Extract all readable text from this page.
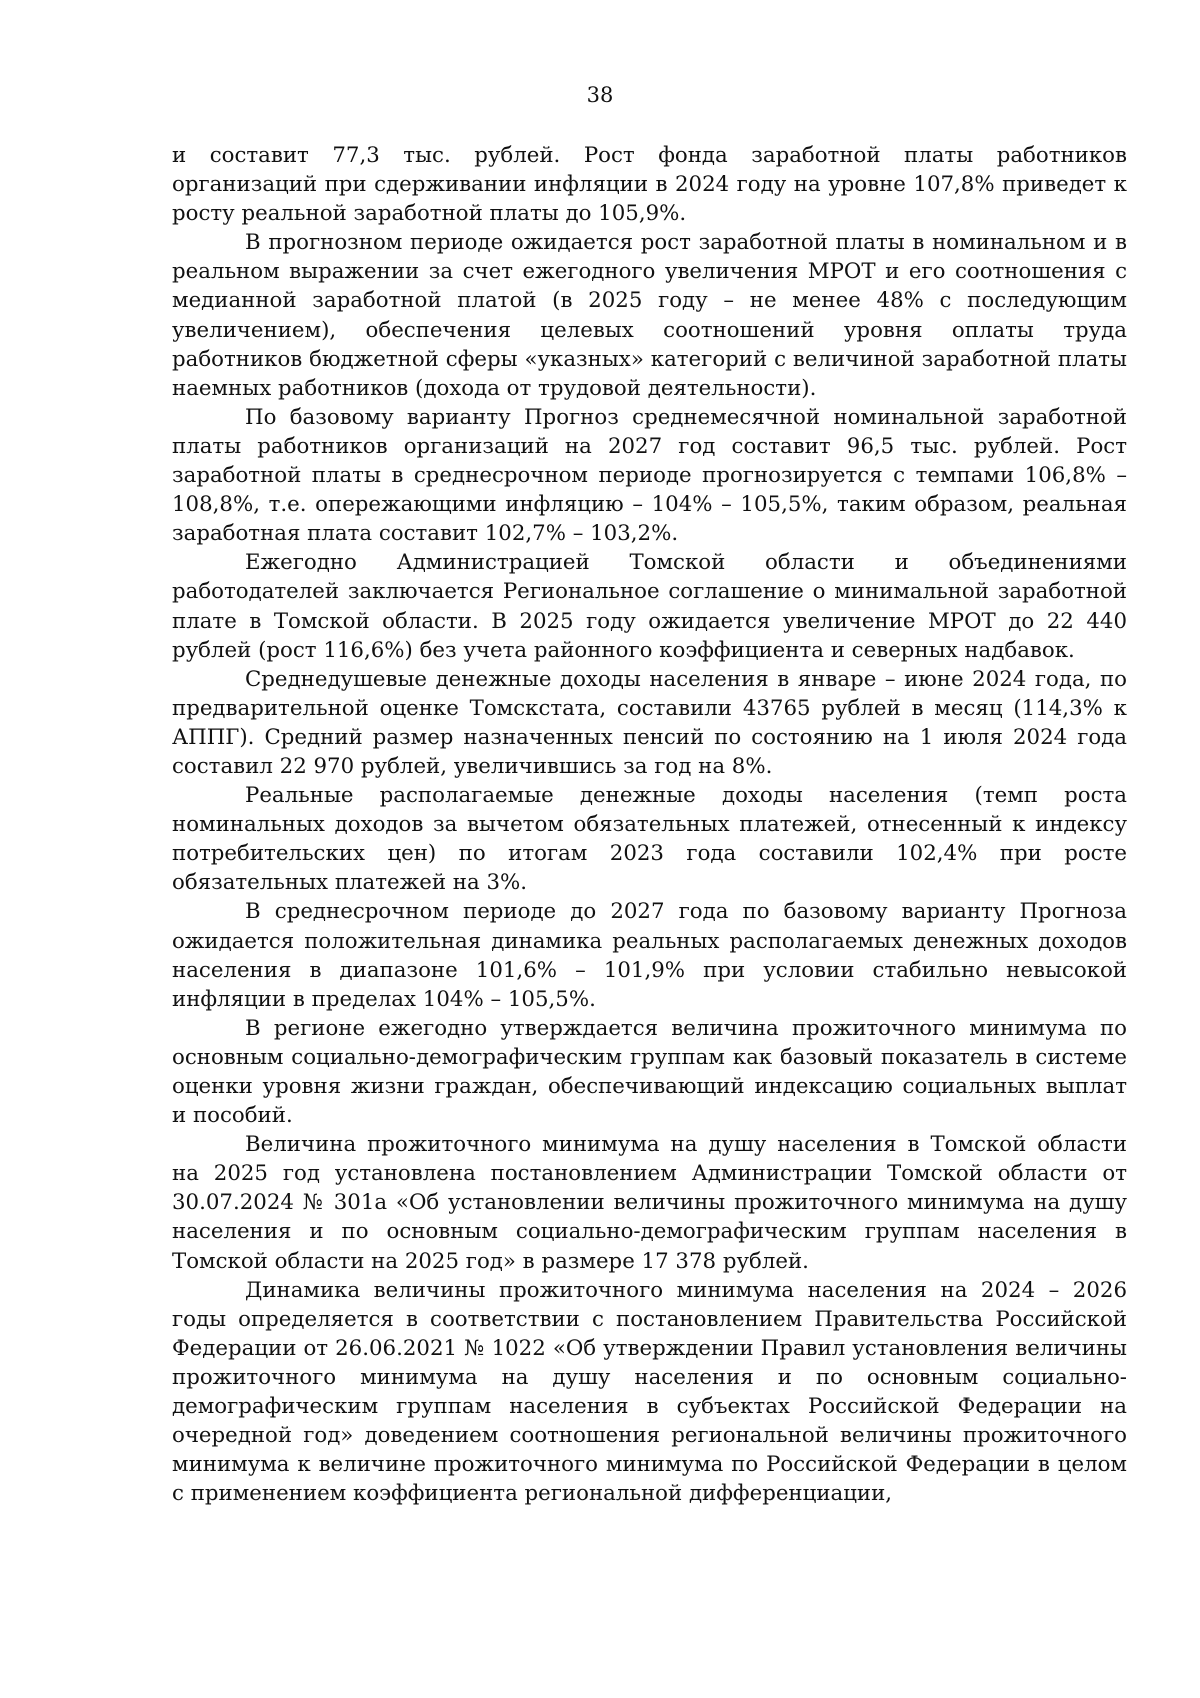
38

и составит 77,3 тыс. рублей. Рост фонда заработной платы работников организаций при сдерживании инфляции в 2024 году на уровне 107,8% приведет к росту реальной заработной платы до 105,9%.

В прогнозном периоде ожидается рост заработной платы в номинальном и в реальном выражении за счет ежегодного увеличения МРОТ и его соотношения с медианной заработной платой (в 2025 году – не менее 48% с последующим увеличением), обеспечения целевых соотношений уровня оплаты труда работников бюджетной сферы «указных» категорий с величиной заработной платы наемных работников (дохода от трудовой деятельности).

По базовому варианту Прогноз среднемесячной номинальной заработной платы работников организаций на 2027 год составит 96,5 тыс. рублей. Рост заработной платы в среднесрочном периоде прогнозируется с темпами 106,8% – 108,8%, т.е. опережающими инфляцию – 104% – 105,5%, таким образом, реальная заработная плата составит 102,7% – 103,2%.

Ежегодно Администрацией Томской области и объединениями работодателей заключается Региональное соглашение о минимальной заработной плате в Томской области. В 2025 году ожидается увеличение МРОТ до 22 440 рублей (рост 116,6%) без учета районного коэффициента и северных надбавок.

Среднедушевые денежные доходы населения в январе – июне 2024 года, по предварительной оценке Томскстата, составили 43765 рублей в месяц (114,3% к АППГ). Средний размер назначенных пенсий по состоянию на 1 июля 2024 года составил 22 970 рублей, увеличившись за год на 8%.

Реальные располагаемые денежные доходы населения (темп роста номинальных доходов за вычетом обязательных платежей, отнесенный к индексу потребительских цен) по итогам 2023 года составили 102,4% при росте обязательных платежей на 3%.

В среднесрочном периоде до 2027 года по базовому варианту Прогноза ожидается положительная динамика реальных располагаемых денежных доходов населения в диапазоне 101,6% – 101,9% при условии стабильно невысокой инфляции в пределах 104% – 105,5%.

В регионе ежегодно утверждается величина прожиточного минимума по основным социально-демографическим группам как базовый показатель в системе оценки уровня жизни граждан, обеспечивающий индексацию социальных выплат и пособий.

Величина прожиточного минимума на душу населения в Томской области на 2025 год установлена постановлением Администрации Томской области от 30.07.2024 № 301а «Об установлении величины прожиточного минимума на душу населения и по основным социально-демографическим группам населения в Томской области на 2025 год» в размере 17 378 рублей.

Динамика величины прожиточного минимума населения на 2024 – 2026 годы определяется в соответствии с постановлением Правительства Российской Федерации от 26.06.2021 № 1022 «Об утверждении Правил установления величины прожиточного минимума на душу населения и по основным социально-демографическим группам населения в субъектах Российской Федерации на очередной год» доведением соотношения региональной величины прожиточного минимума к величине прожиточного минимума по Российской Федерации в целом с применением коэффициента региональной дифференциации,
